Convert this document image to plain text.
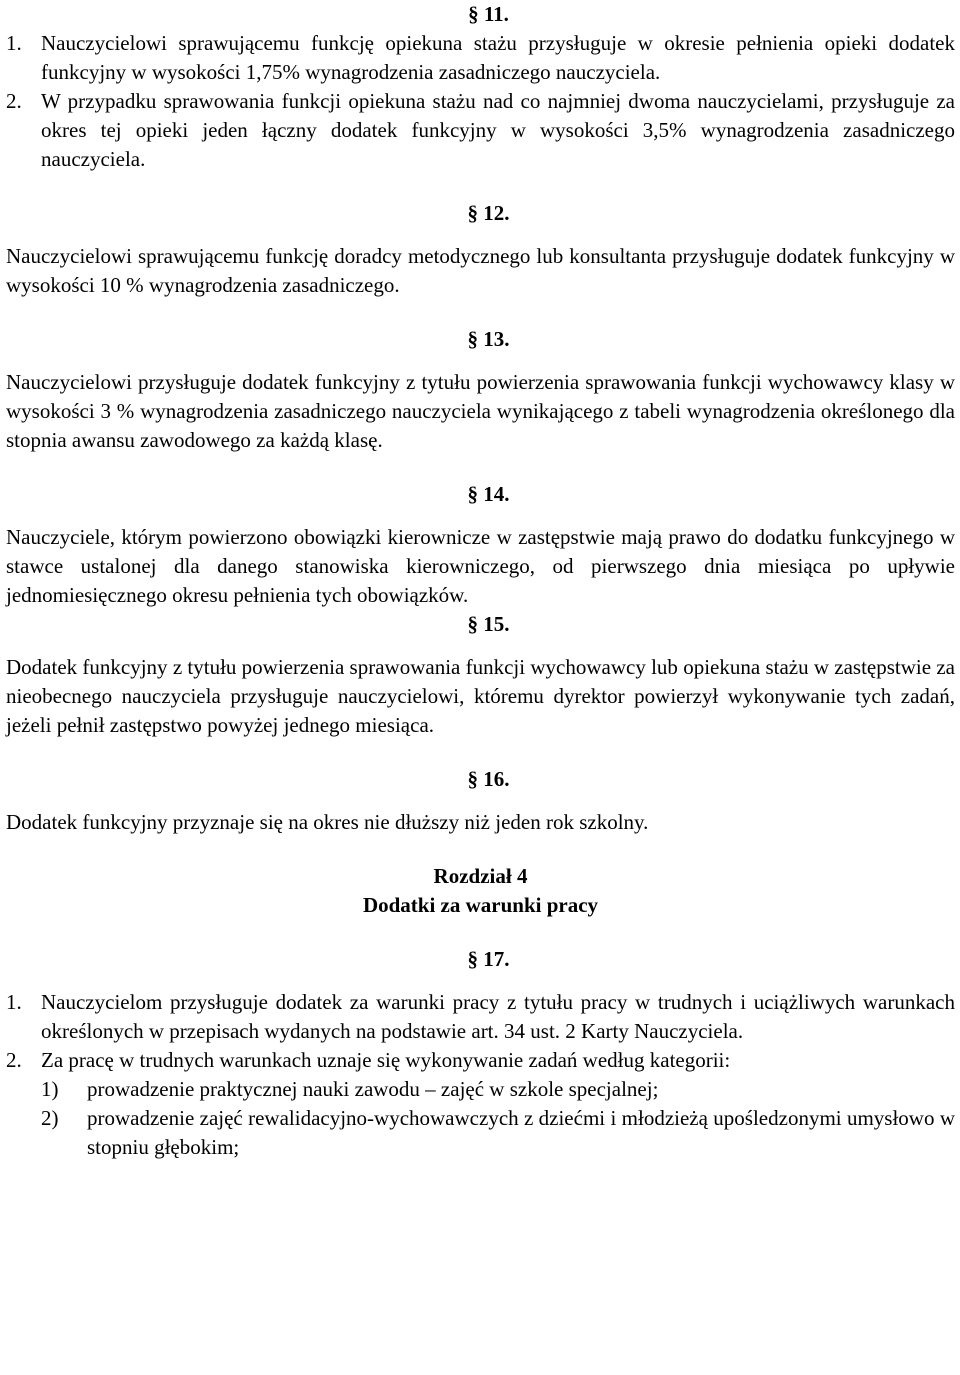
§ 11.

1. Nauczycielowi sprawującemu funkcję opiekuna stażu przysługuje w okresie pełnienia opieki dodatek funkcyjny w wysokości 1,75% wynagrodzenia zasadniczego nauczyciela.
2. W przypadku sprawowania funkcji opiekuna stażu nad co najmniej dwoma nauczycielami, przysługuje za okres tej opieki jeden łączny dodatek funkcyjny w wysokości 3,5% wynagrodzenia zasadniczego nauczyciela.

§ 12.

Nauczycielowi sprawującemu funkcję doradcy metodycznego lub konsultanta przysługuje dodatek funkcyjny w wysokości 10 % wynagrodzenia zasadniczego.

§ 13.

Nauczycielowi przysługuje dodatek funkcyjny z tytułu powierzenia sprawowania funkcji wychowawcy klasy w wysokości 3 % wynagrodzenia zasadniczego nauczyciela wynikającego z tabeli wynagrodzenia określonego dla stopnia awansu zawodowego za każdą klasę.

§ 14.

Nauczyciele, którym powierzono obowiązki kierownicze w zastępstwie mają prawo do dodatku funkcyjnego w stawce ustalonej dla danego stanowiska kierowniczego, od pierwszego dnia miesiąca po upływie jednomiesięcznego okresu pełnienia tych obowiązków.

§ 15.

Dodatek funkcyjny z tytułu powierzenia sprawowania funkcji wychowawcy lub opiekuna stażu w zastępstwie za nieobecnego nauczyciela przysługuje nauczycielowi, któremu dyrektor powierzył wykonywanie tych zadań, jeżeli pełnił zastępstwo powyżej jednego miesiąca.

§ 16.

Dodatek funkcyjny przyznaje się na okres nie dłuższy niż jeden rok szkolny.

Rozdział 4

Dodatki za warunki pracy

§ 17.

1. Nauczycielom przysługuje dodatek za warunki pracy z tytułu pracy w trudnych i uciążliwych warunkach określonych w przepisach wydanych na podstawie art. 34 ust. 2 Karty Nauczyciela.
2. Za pracę w trudnych warunkach uznaje się wykonywanie zadań według kategorii:
1) prowadzenie praktycznej nauki zawodu – zajęć w szkole specjalnej;
2) prowadzenie zajęć rewalidacyjno-wychowawczych z dziećmi i młodzieżą upośledzonymi umysłowo w stopniu głębokim;
